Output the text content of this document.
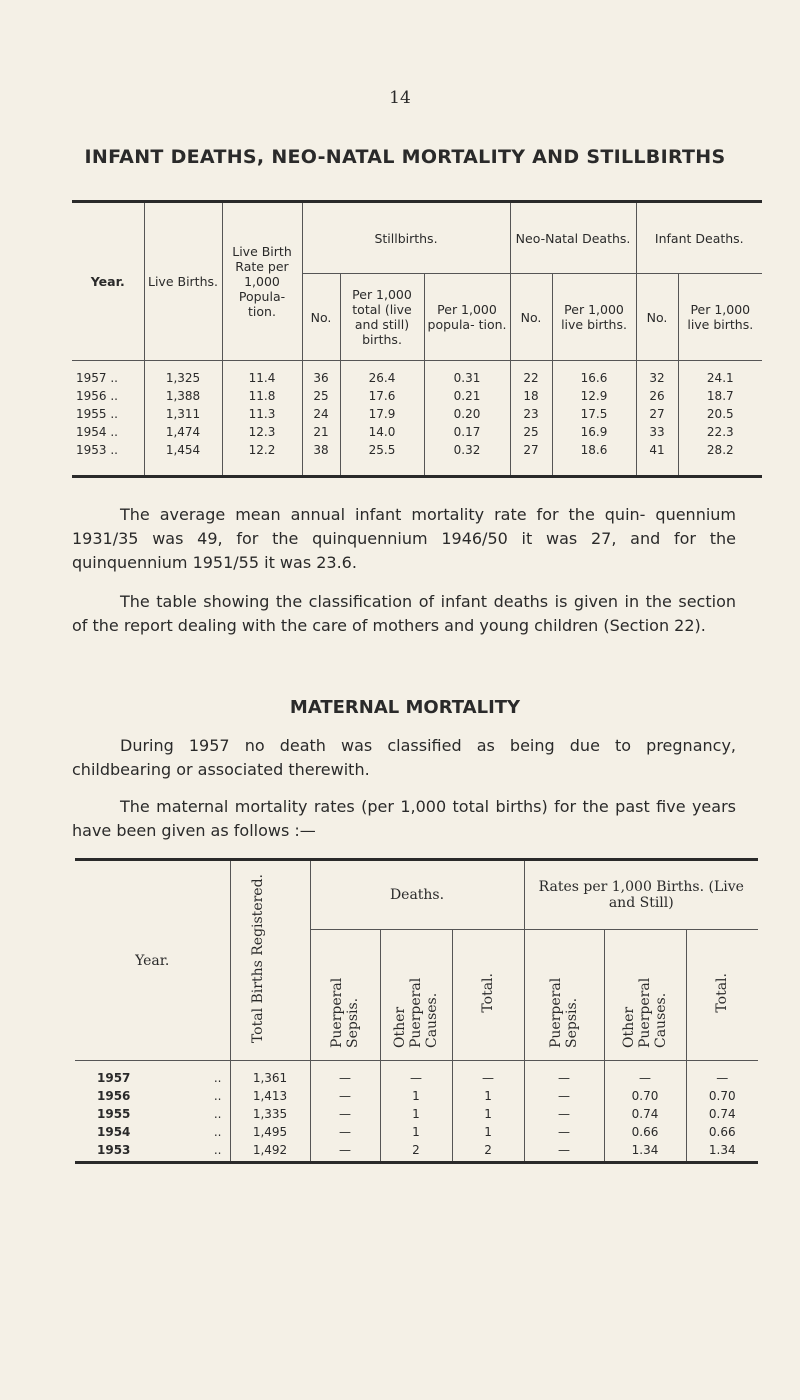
14
INFANT DEATHS, NEO-NATAL MORTALITY AND STILLBIRTHS
Year.	Live Births.	Live Birth Rate per 1,000 Popula- tion.	Stillbirths.			Neo-Natal Deaths.		Infant Deaths.	
			No.	Per 1,000 total (live and still) births.	Per 1,000 popula- tion.	No.	Per 1,000 live births.	No.	Per 1,000 live births.
1957 ..	1,325	11.4	36	26.4	0.31	22	16.6	32	24.1
1956 ..	1,388	11.8	25	17.6	0.21	18	12.9	26	18.7
1955 ..	1,311	11.3	24	17.9	0.20	23	17.5	27	20.5
1954 ..	1,474	12.3	21	14.0	0.17	25	16.9	33	22.3
1953 ..	1,454	12.2	38	25.5	0.32	27	18.6	41	28.2
The average mean annual infant mortality rate for the quin- quennium 1931/35 was 49, for the quinquennium 1946/50 it was 27, and for the quinquennium 1951/55 it was 23.6.
The table showing the classification of infant deaths is given in the section of the report dealing with the care of mothers and young children (Section 22).
MATERNAL MORTALITY
During 1957 no death was classified as being due to pregnancy, childbearing or associated therewith.
The maternal mortality rates (per 1,000 total births) for the past five years have been given as follows :—
Year.	Total Births Registered.	Deaths.			Rates per 1,000 Births. (Live and Still)		
		Puerperal Sepsis.	Other Puerperal Causes.	Total.	Puerperal Sepsis.	Other Puerperal Causes.	Total.
1957 ..	1,361	—	—	—	—	—	—
1956 ..	1,413	—	1	1	—	0.70	0.70
1955 ..	1,335	—	1	1	—	0.74	0.74
1954 ..	1,495	—	1	1	—	0.66	0.66
1953 ..	1,492	—	2	2	—	1.34	1.34
